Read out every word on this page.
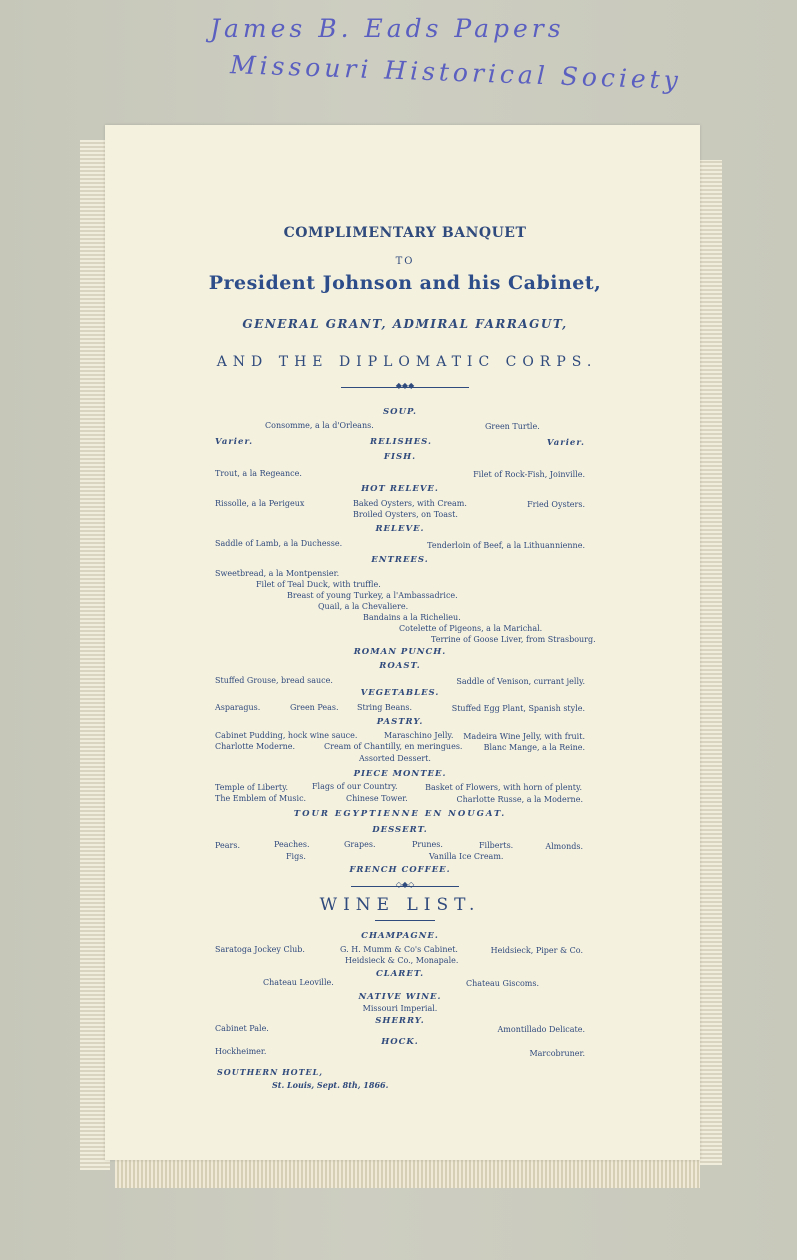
James B. Eads Papers
Missouri Historical Society
COMPLIMENTARY BANQUET
TO
President Johnson and his Cabinet,
GENERAL GRANT, ADMIRAL FARRAGUT,
AND THE DIPLOMATIC CORPS.
◆◆◆
SOUP.
Consomme, a la d'Orleans.	Green Turtle.
Varier.	RELISHES.	Varier.
FISH.
Trout, a la Regeance.	Filet of Rock-Fish, Joinville.
HOT RELEVE.
Rissolle, a la Perigeux	Baked Oysters, with Cream.
Broiled Oysters, on Toast.
Fried Oysters.
RELEVE.
Saddle of Lamb, a la Duchesse.	Tenderloin of Beef, a la Lithuannienne.
ENTREES.
Sweetbread, a la Montpensier.
Filet of Teal Duck, with truffle.
Breast of young Turkey, a l'Ambassadrice.
Quail, a la Chevaliere.
Bandains a la Richelieu.
Cotelette of Pigeons, a la Marichal.
Terrine of Goose Liver, from Strasbourg.
ROMAN PUNCH.
ROAST.
Stuffed Grouse, bread sauce.	Saddle of Venison, currant jelly.
VEGETABLES.
Asparagus.	Green Peas. String Beans.	Stuffed Egg Plant, Spanish style.
PASTRY.
Cabinet Pudding, hock wine sauce.	Maraschino Jelly. Madeira Wine Jelly, with fruit.
Charlotte Moderne.	Cream of Chantilly, en meringues.	Blanc Mange, a la Reine.
Assorted Dessert.
PIECE MONTEE.
Temple of Liberty.	Flags of our Country.	Basket of Flowers, with horn of plenty.
The Emblem of Music.	Chinese Tower.	Charlotte Russe, a la Moderne.
TOUR EGYPTIENNE EN NOUGAT.
DESSERT.
Pears.	Peaches.	Grapes.	Prunes.	Filberts.	Almonds.
Figs.	Vanilla Ice Cream.
FRENCH COFFEE.
◇◆◇
WINE LIST.
CHAMPAGNE.
Saratoga Jockey Club.	G. H. Mumm & Co's Cabinet.
Heidsieck & Co., Monapale.
Heidsieck, Piper & Co.
CLARET.
Chateau Leoville.	Chateau Giscoms.
NATIVE WINE.
Missouri Imperial.
SHERRY.
Cabinet Pale.	Amontillado Delicate.
HOCK.
Hockheimer.	Marcobruner.
SOUTHERN HOTEL,
St. Louis, Sept. 8th, 1866.
